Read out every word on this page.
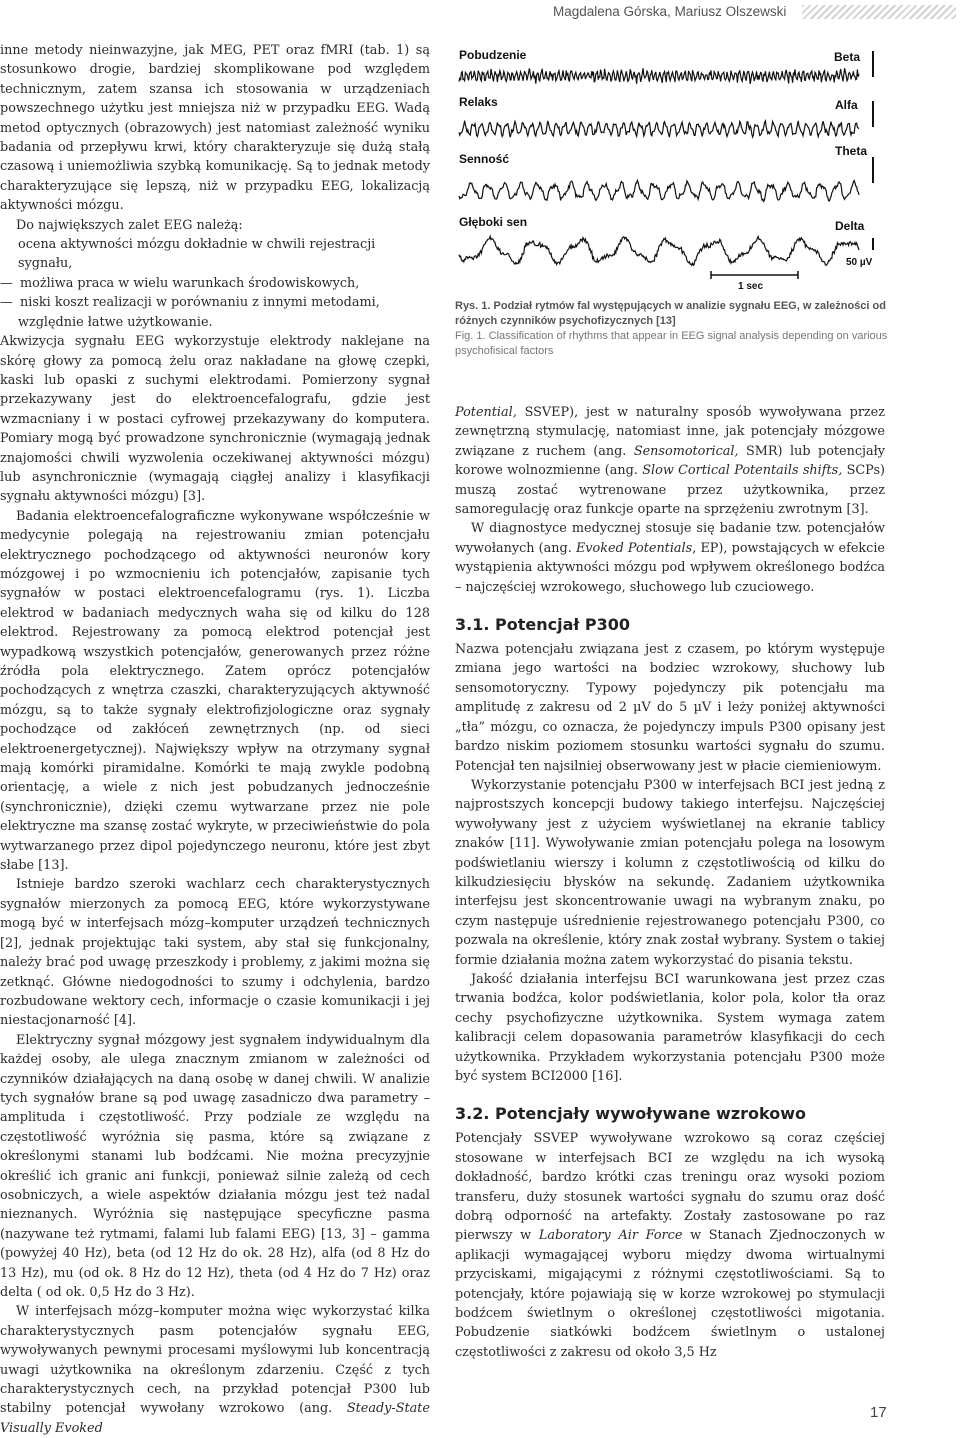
Magdalena Górska, Mariusz Olszewski

inne metody nieinwazyjne, jak MEG, PET oraz fMRI (tab. 1) są stosunkowo drogie, bardziej skomplikowane pod względem technicznym, zatem szansa ich stosowania w urządzeniach powszechnego użytku jest mniejsza niż w przypadku EEG. Wadą metod optycznych (obrazowych) jest natomiast zależność wyniku badania od przepływu krwi, który charakteryzuje się dużą stałą czasową i uniemożliwia szybką komunikację. Są to jednak metody charakteryzujące się lepszą, niż w przypadku EEG, lokalizacją aktywności mózgu.

Do największych zalet EEG należą:

ocena aktywności mózgu dokładnie w chwili rejestracji sygnału,
— możliwa praca w wielu warunkach środowiskowych,
— niski koszt realizacji w porównaniu z innymi metodami,
względnie łatwe użytkowanie.

Akwizycja sygnału EEG wykorzystuje elektrody naklejane na skórę głowy za pomocą żelu oraz nakładane na głowę czepki, kaski lub opaski z suchymi elektrodami. Pomierzony sygnał przekazywany jest do elektroencefalografu, gdzie jest wzmacniany i w postaci cyfrowej przekazywany do komputera. Pomiary mogą być prowadzone synchronicznie (wymagają jednak znajomości chwili wyzwolenia oczekiwanej aktywności mózgu) lub asynchronicznie (wymagają ciągłej analizy i klasyfikacji sygnału aktywności mózgu) [3].

Badania elektroencefalograficzne wykonywane współcześnie w medycynie polegają na rejestrowaniu zmian potencjału elektrycznego pochodzącego od aktywności neuronów kory mózgowej i po wzmocnieniu ich potencjałów, zapisanie tych sygnałów w postaci elektroencefalogramu (rys. 1). Liczba elektrod w badaniach medycznych waha się od kilku do 128 elektrod. Rejestrowany za pomocą elektrod potencjał jest wypadkową wszystkich potencjałów, generowanych przez różne źródła pola elektrycznego. Zatem oprócz potencjałów pochodzących z wnętrza czaszki, charakteryzujących aktywność mózgu, są to także sygnały elektrofizjologiczne oraz sygnały pochodzące od zakłóceń zewnętrznych (np. od sieci elektroenergetycznej). Największy wpływ na otrzymany sygnał mają komórki piramidalne. Komórki te mają zwykle podobną orientację, a wiele z nich jest pobudzanych jednocześnie (synchronicznie), dzięki czemu wytwarzane przez nie pole elektryczne ma szansę zostać wykryte, w przeciwieństwie do pola wytwarzanego przez dipol pojedynczego neuronu, które jest zbyt słabe [13].

Istnieje bardzo szeroki wachlarz cech charakterystycznych sygnałów mierzonych za pomocą EEG, które wykorzystywane mogą być w interfejsach mózg–komputer urządzeń technicznych [2], jednak projektując taki system, aby stał się funkcjonalny, należy brać pod uwagę przeszkody i problemy, z jakimi można się zetknąć. Główne niedogodności to szumy i odchylenia, bardzo rozbudowane wektory cech, informacje o czasie komunikacji i jej niestacjonarność [4].

Elektryczny sygnał mózgowy jest sygnałem indywidualnym dla każdej osoby, ale ulega znacznym zmianom w zależności od czynników działających na daną osobę w danej chwili. W analizie tych sygnałów brane są pod uwagę zasadniczo dwa parametry – amplituda i częstotliwość. Przy podziale ze względu na częstotliwość wyróżnia się pasma, które są związane z określonymi stanami lub bodźcami. Nie można precyzyjnie określić ich granic ani funkcji, ponieważ silnie zależą od cech osobniczych, a wiele aspektów działania mózgu jest też nadal nieznanych. Wyróżnia się następujące specyficzne pasma (nazywane też rytmami, falami lub falami EEG) [13, 3] – gamma (powyżej 40 Hz), beta (od 12 Hz do ok. 28 Hz), alfa (od 8 Hz do 13 Hz), mu (od ok. 8 Hz do 12 Hz), theta (od 4 Hz do 7 Hz) oraz delta ( od ok. 0,5 Hz do 3 Hz).

W interfejsach mózg–komputer można więc wykorzystać kilka charakterystycznych pasm potencjałów sygnału EEG, wywoływanych pewnymi procesami myślowymi lub koncentracją uwagi użytkownika na określonym zdarzeniu. Część z tych charakterystycznych cech, na przykład potencjał P300 lub stabilny potencjał wywołany wzrokowo (ang. Steady-State Visually Evoked

Pobudzenie
Relaks
Senność
Głęboki sen
Beta
Alfa
Theta
Delta
50 µV
1 sec
Rys. 1. Podział rytmów fal występujących w analizie sygnału EEG, w zależności od różnych czynników psychofizycznych [13]
Fig. 1. Classification of rhythms that appear in EEG signal analysis depending on various psychofisical factors

Potential, SSVEP), jest w naturalny sposób wywoływana przez zewnętrzną stymulację, natomiast inne, jak potencjały mózgowe związane z ruchem (ang. Sensomotorical, SMR) lub potencjały korowe wolnozmienne (ang. Slow Cortical Potentails shifts, SCPs) muszą zostać wytrenowane przez użytkownika, przez samoregulację oraz funkcje oparte na sprzężeniu zwrotnym [3].

W diagnostyce medycznej stosuje się badanie tzw. potencjałów wywołanych (ang. Evoked Potentials, EP), powstających w efekcie wystąpienia aktywności mózgu pod wpływem określonego bodźca – najczęściej wzrokowego, słuchowego lub czuciowego.

3.1. Potencjał P300

Nazwa potencjału związana jest z czasem, po którym występuje zmiana jego wartości na bodziec wzrokowy, słuchowy lub sensomotoryczny. Typowy pojedynczy pik potencjału ma amplitudę z zakresu od 2 µV do 5 µV i leży poniżej aktywności „tła” mózgu, co oznacza, że pojedynczy impuls P300 opisany jest bardzo niskim poziomem stosunku wartości sygnału do szumu. Potencjał ten najsilniej obserwowany jest w płacie ciemieniowym.

Wykorzystanie potencjału P300 w interfejsach BCI jest jedną z najprostszych koncepcji budowy takiego interfejsu. Najczęściej wywoływany jest z użyciem wyświetlanej na ekranie tablicy znaków [11]. Wywoływanie zmian potencjału polega na losowym podświetlaniu wierszy i kolumn z częstotliwością od kilku do kilkudziesięciu błysków na sekundę. Zadaniem użytkownika interfejsu jest skoncentrowanie uwagi na wybranym znaku, po czym następuje uśrednienie rejestrowanego potencjału P300, co pozwala na określenie, który znak został wybrany. System o takiej formie działania można zatem wykorzystać do pisania tekstu.

Jakość działania interfejsu BCI warunkowana jest przez czas trwania bodźca, kolor podświetlania, kolor pola, kolor tła oraz cechy psychofizyczne użytkownika. System wymaga zatem kalibracji celem dopasowania parametrów klasyfikacji do cech użytkownika. Przykładem wykorzystania potencjału P300 może być system BCI2000 [16].

3.2. Potencjały wywoływane wzrokowo

Potencjały SSVEP wywoływane wzrokowo są coraz częściej stosowane w interfejsach BCI ze względu na ich wysoką dokładność, bardzo krótki czas treningu oraz wysoki poziom transferu, duży stosunek wartości sygnału do szumu oraz dość dobrą odporność na artefakty. Zostały zastosowane po raz pierwszy w Laboratory Air Force w Stanach Zjednoczonych w aplikacji wymagającej wyboru między dwoma wirtualnymi przyciskami, migającymi z różnymi częstotliwościami. Są to potencjały, które pojawiają się w korze wzrokowej po stymulacji bodźcem świetlnym o określonej częstotliwości migotania. Pobudzenie siatkówki bodźcem świetlnym o ustalonej częstotliwości z zakresu od około 3,5 Hz

17
